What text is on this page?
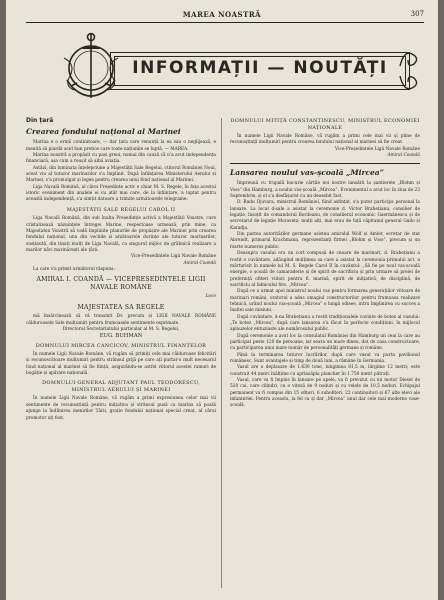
MAREA NOASTRĂ	307
INFORMAȚII — NOUTĂȚI
Din țară
Crearea fondului național al Marinei

Marina e o ermă continitoare, — dar țara care renunță la ea sau o neglijează, e menită să piardă acel bun prețios care toate națiunile se luptă, — MAREA.

Marina noastră a propășit cu pași greoi, numai din cauză că n'a avut independența financiară, așa cum a reușit să aibă aviația.

Astăzi, din luminata înțelepciune a Majestății Sale Regelui, ctitorul României Noui, acest viu al tuturor marinarilor s'a împlinit. După înființarea Ministerului Aerului și Marinei, s'a promulgat și legea pentru crearea unui fond național al Marinei.

Liga Navală Română, al cărei Președinte activ e chiar M. S. Regele, în fața acestui istoric eveniment din analele ei cu atât mai care, de la înființare, a luptat pentru această independență, s'a simțit datoare a trimite următoarele telegrame:

MAJESTĂȚII SALE REGELUI CAROL II

Liga Navală Română, din sub înalta Președinție activă a Majestății Voastre, care cristalizează năzuințele întregei Marine, respectoase urmează, prin mine, ca Majestatea Voastră să vadă împlinite planurile de propășire ale Marinei prin crearea fondului național, una din vechile și arzătoarele dorințe ale tuturor marinarilor, susținută, din tinați mulți de Liga Navală, ca singurul mijloc de grăbnică realizare a marilor năvi marinărești ale țării.

Vice-Președintele Ligii Navale Române

Amiral Coandă

La care s'a primit următorul răspuns:

AMIRAL I. COANDĂ — VICEPREȘEDINTELE LIGII NAVALE ROMÂNE

Loco

MAJESTATEA SA REGELE

mă însărcinează să vă transmit Dv. precum și LIGII NAVALE ROMÂNE călduroasele Sale mulțumiri pentru frumoasele sentimente exprimate.

Directorul Secretariatului particular al M. S. Regelui,

EUG. BUHMAN

DOMNULUI MIRCEA CANCICOV, MINISTRUL FINANȚELOR

În numele Ligii Navale Române, vă rugăm să primiți cele mai călduroase felicitări și recunoscătoare mulțumiri pentru strânsul grijă pe care ați purtat-o mult necesarul fond național al marinei să fie ființă, asigurându-se astfel viitorul acestei ramuri de bogăție și apărare națională.

DOMNULUI GENERAL ADJUTANT PAUL TEODORESCU, MINISTRUL AERULUI ȘI MARINEI

În numele Ligii Navale Române, vă rugăm a primi expresiunea celor mai vii sentimente de recunoștință pentru inițiativa și strânsul pusă ca marina să poată ajunge la îndlinirea menirilor Țării, grație fondului național special creat, al cărui promotor ați fost.

DOMNULUI MITIȚĂ CONSTANTINESCU, MINISTRUL ECONOMIEI NAȚIONALE

În numele Ligii Navale Române, vă rugăm a primi cele mai vii și pline de recunoștință mulțumiri pentru crearea fondului național al marinei să fie creat.

Vice-Președintele Ligii Navale Române

Amiral Coandă

Lansarea noului vas-școală „Mircea”

Împreună cu trupală bucurie cărțile noi nostre lansării la șantierele „Blohm și Voss” din Hamburg, a noului vas-școală „Mircea”. Evenimentul a avut loc în ziua de 23 Septembrie, și el s'a desfășurat cu un deosebit fast.

D. Radu Djuvara, ministrul României, fiind asfințat, s'a putut participa personal la lansare. La local d-sale a asistat la ceremonie d. Victor Brabețianu, consilier de legație, însoțit de comandorul Bordeanu, de consilierul economic Gaermănescu și de secretarul de legație Moravetz; mulți alți, mai erau de față căpitanul general Gallo și Karadja.

Din partea autorităților germane asistau amiralul Wolf și Amler, ecretar de stat Abrendt, primarul Krachmann, reprezentanți firmei „Blohm și Voss”, precum și un foarte numeros public.

Deasupra vasului era un cort compusă de cnoare de marinari, d. Brabețianu a rostit o cuvântare, adăugind mulțimea sa care a asistat la ceremonia primului act, a mărturisit în numele lui M. S. Regele Carol II în cuvântul: „Să fie pe noul vas-școală energie, o școală de camaraderie și de spirit de sacrificiu și prin urmare să preiei de preferință ofiteri viitori pentru fl. marină, spirit de inițiativă, de disciplină, de sacrificiu al falnicului fire, „Mircea”.

După ce a urmat apoi ministrul noului vas pentru formarea generațiilor viitoare de marinari români, oratorul a adus omagiul constructorilor pentru frumoasa realizare tehnică, urând noului vas-școală „Mircea” o lungă odisee, intru împlinirea cu succes a înaltei sale misiuni.

După cuvântare, d-na Brabețianu a rostit tradiționalele cuvinte de botez al vasului: „Te botez „Mircea”, după care lansarea s'a făcut în perfecte condițiuni, în mijlocul aplauzelor entuziaste ale numărosului public.

După ceremonie a avut loc la consulatul României din Hamburg un ceai la care au participat peste 120 de persoane, iar seara un mare dineu, dat de casa constructoare, cu participarea unui mare număr de personalități germane și române.

Până la terminarea tuturor lucrărilor, după care vasul va purta pavilionul românesc, Sunt avantajele și timp de două luni, a rămâne în Germania.

Vasul are o deplasare de 1.630 tone, lungimea 81,5 m, lărgime 12 metri; este construit 44 metri înălțime cu aprinsăpla plancher în 1.750 metri pătrați.

Vasul, care va fi împins în lansare pe apele, va fi previzut cu un motor Diesel de 520 cai, care cilindri, cu o viteză de 9 noduri și cu velele de 10,5 noduri. Echipajul permanent va fi compus din 15 ofițeri, 6 subofițeri, 22 continuitori și 67 alte elevi ale infanteriei. Pentru aceasta, la fel ca și dar „Mircea” unul dar cele mai moderne vase-școală.
